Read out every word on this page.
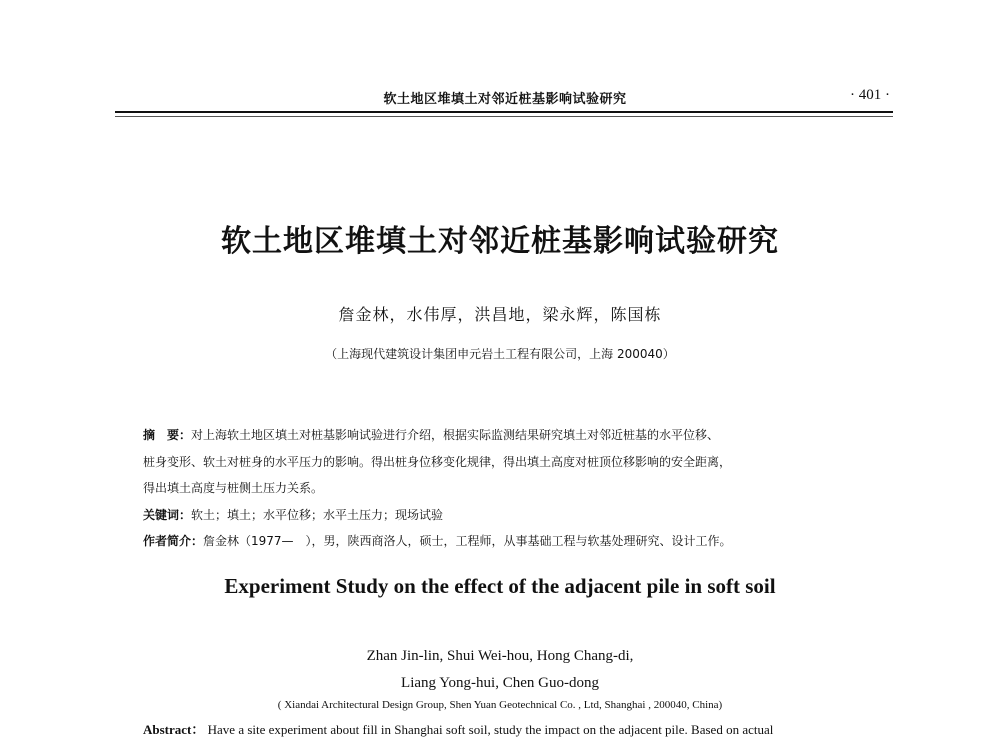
软土地区堆填土对邻近桩基影响试验研究	· 401 ·
软土地区堆填土对邻近桩基影响试验研究
詹金林，水伟厚，洪昌地，梁永辉，陈国栋
（上海现代建筑设计集团申元岩土工程有限公司，上海 200040）
摘　要：对上海软土地区填土对桩基影响试验进行介绍，根据实际监测结果研究填土对邻近桩基的水平位移、
桩身变形、软土对桩身的水平压力的影响。得出桩身位移变化规律，得出填土高度对桩顶位移影响的安全距离，
得出填土高度与桩侧土压力关系。
关键词：软土；填土；水平位移；水平土压力；现场试验
作者简介：詹金林（1977—　），男，陕西商洛人，硕士，工程师，从事基础工程与软基处理研究、设计工作。
Experiment Study on the effect of the adjacent pile in soft soil
Zhan Jin-lin, Shui Wei-hou, Hong Chang-di,
Liang Yong-hui, Chen Guo-dong
( Xiandai Architectural Design Group, Shen Yuan Geotechnical Co. , Ltd, Shanghai , 200040, China)
Abstract： Have a site experiment about fill in Shanghai soft soil, study the impact on the adjacent pile. Based on actual
